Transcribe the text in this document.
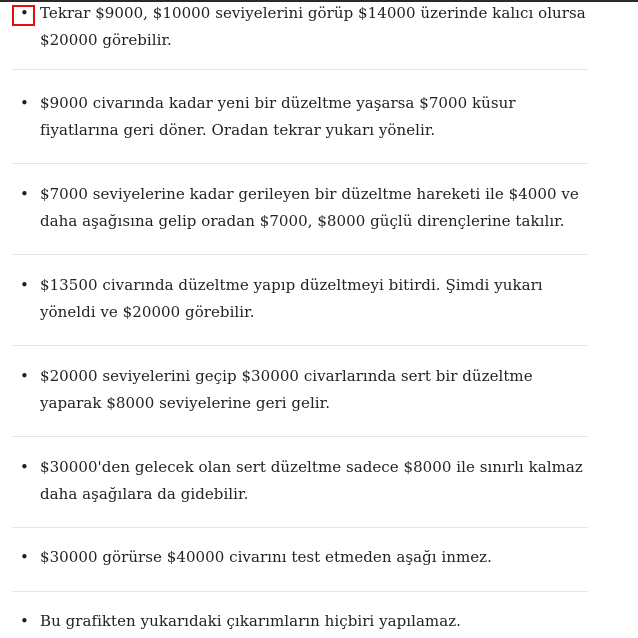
• Tekrar $9000, $10000 seviyelerini görüp $14000 üzerinde kalıcı olursa $20000 görebilir.
• $9000 civarında kadar yeni bir düzeltme yaşarsa $7000 küsur fiyatlarına geri döner. Oradan tekrar yukarı yönelir.
• $7000 seviyelerine kadar gerileyen bir düzeltme hareketi ile $4000 ve daha aşağısına gelip oradan $7000, $8000 güçlü dirençlerine takılır.
• $13500 civarında düzeltme yapıp düzeltmeyi bitirdi. Şimdi yukarı yöneldi ve $20000 görebilir.
• $20000 seviyelerini geçip $30000 civarlarında sert bir düzeltme yaparak $8000 seviyelerine geri gelir.
• $30000'den gelecek olan sert düzeltme sadece $8000 ile sınırlı kalmaz daha aşağılara da gidebilir.
• $30000 görürse $40000 civarını test etmeden aşağı inmez.
• Bu grafikten yukarıdaki çıkarımların hiçbiri yapılamaz.
